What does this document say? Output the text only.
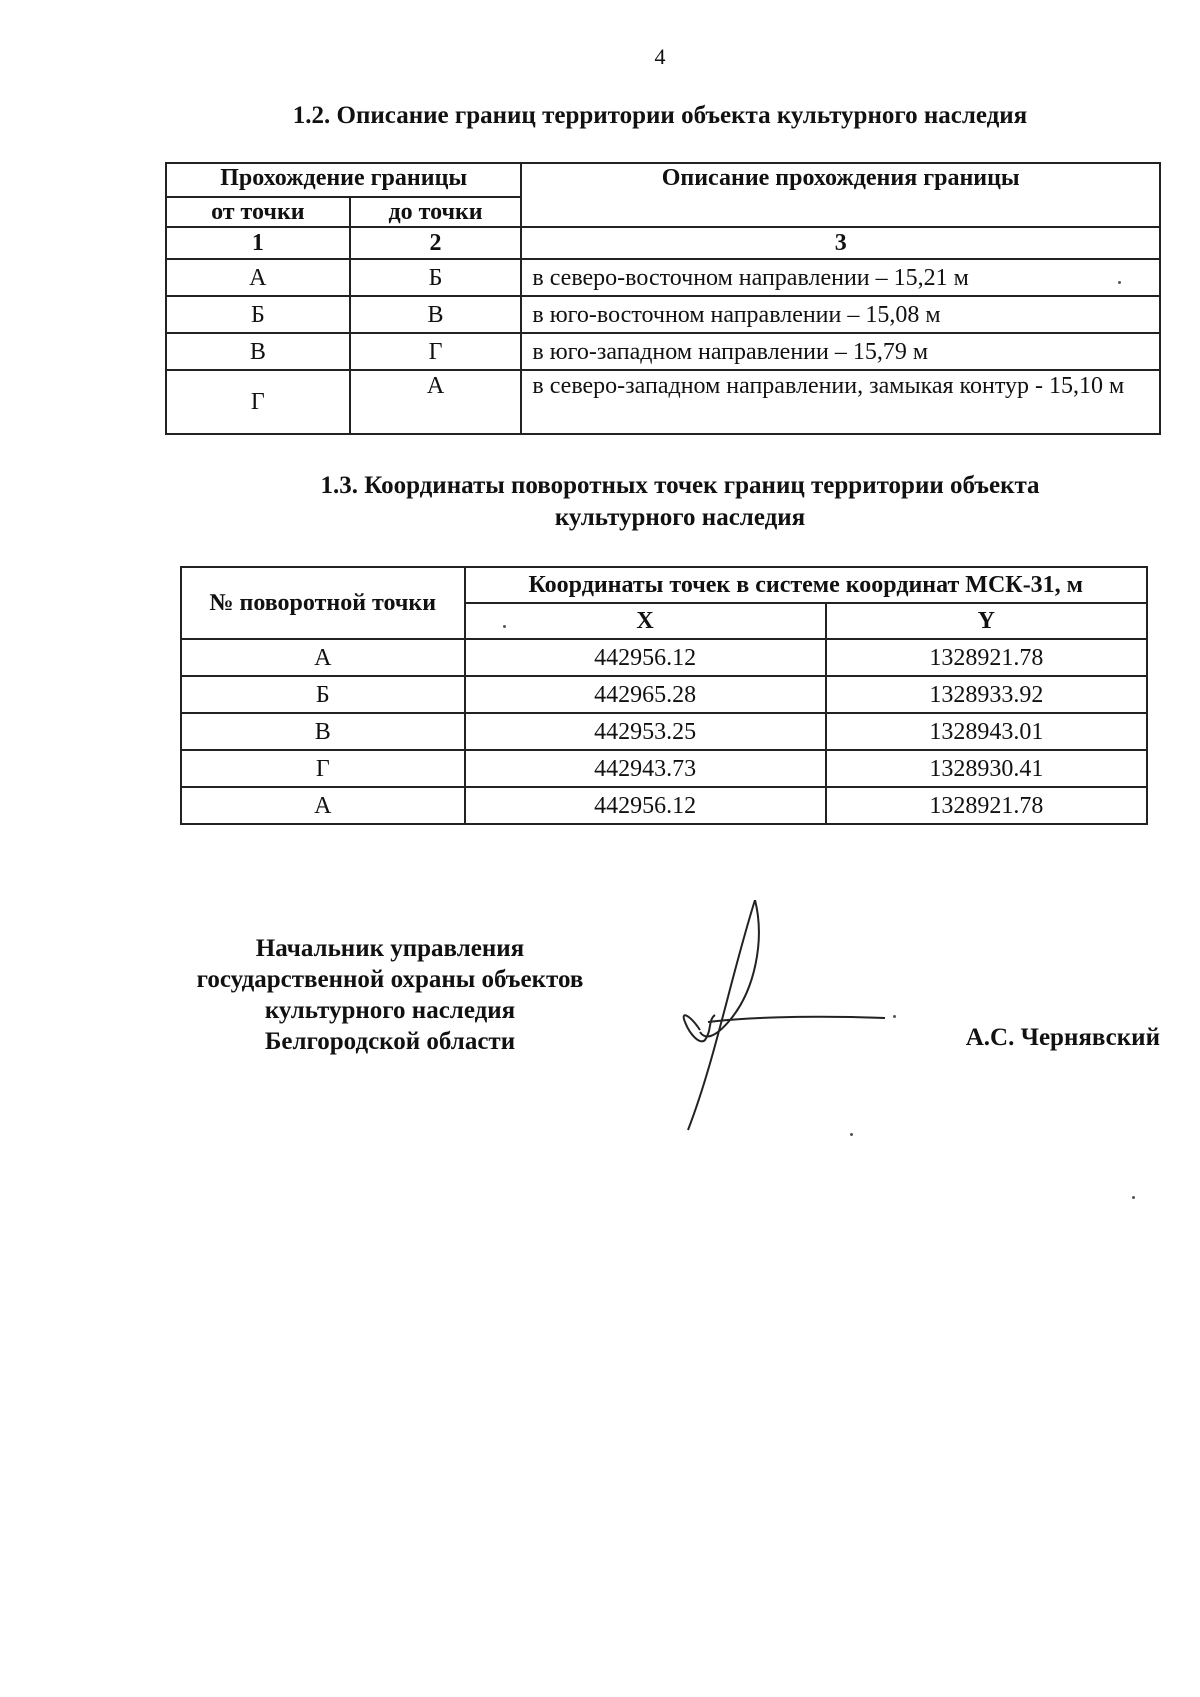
4
1.2. Описание границ территории объекта культурного наследия
Прохождение границы		Описание прохождения границы
от точки	до точки	
1	2	3
А	Б	в северо-восточном направлении – 15,21 м
Б	В	в юго-восточном направлении – 15,08 м
В	Г	в юго-западном направлении – 15,79 м
Г	А	в северо-западном направлении, замыкая контур - 15,10 м
1.3. Координаты поворотных точек границ территории объекта
культурного наследия
№ поворотной точки	Координаты точек в системе координат МСК-31, м	
	X	Y
А	442956.12	1328921.78
Б	442965.28	1328933.92
В	442953.25	1328943.01
Г	442943.73	1328930.41
А	442956.12	1328921.78
Начальник управления
государственной охраны объектов
культурного наследия
Белгородской области	А.С. Чернявский
